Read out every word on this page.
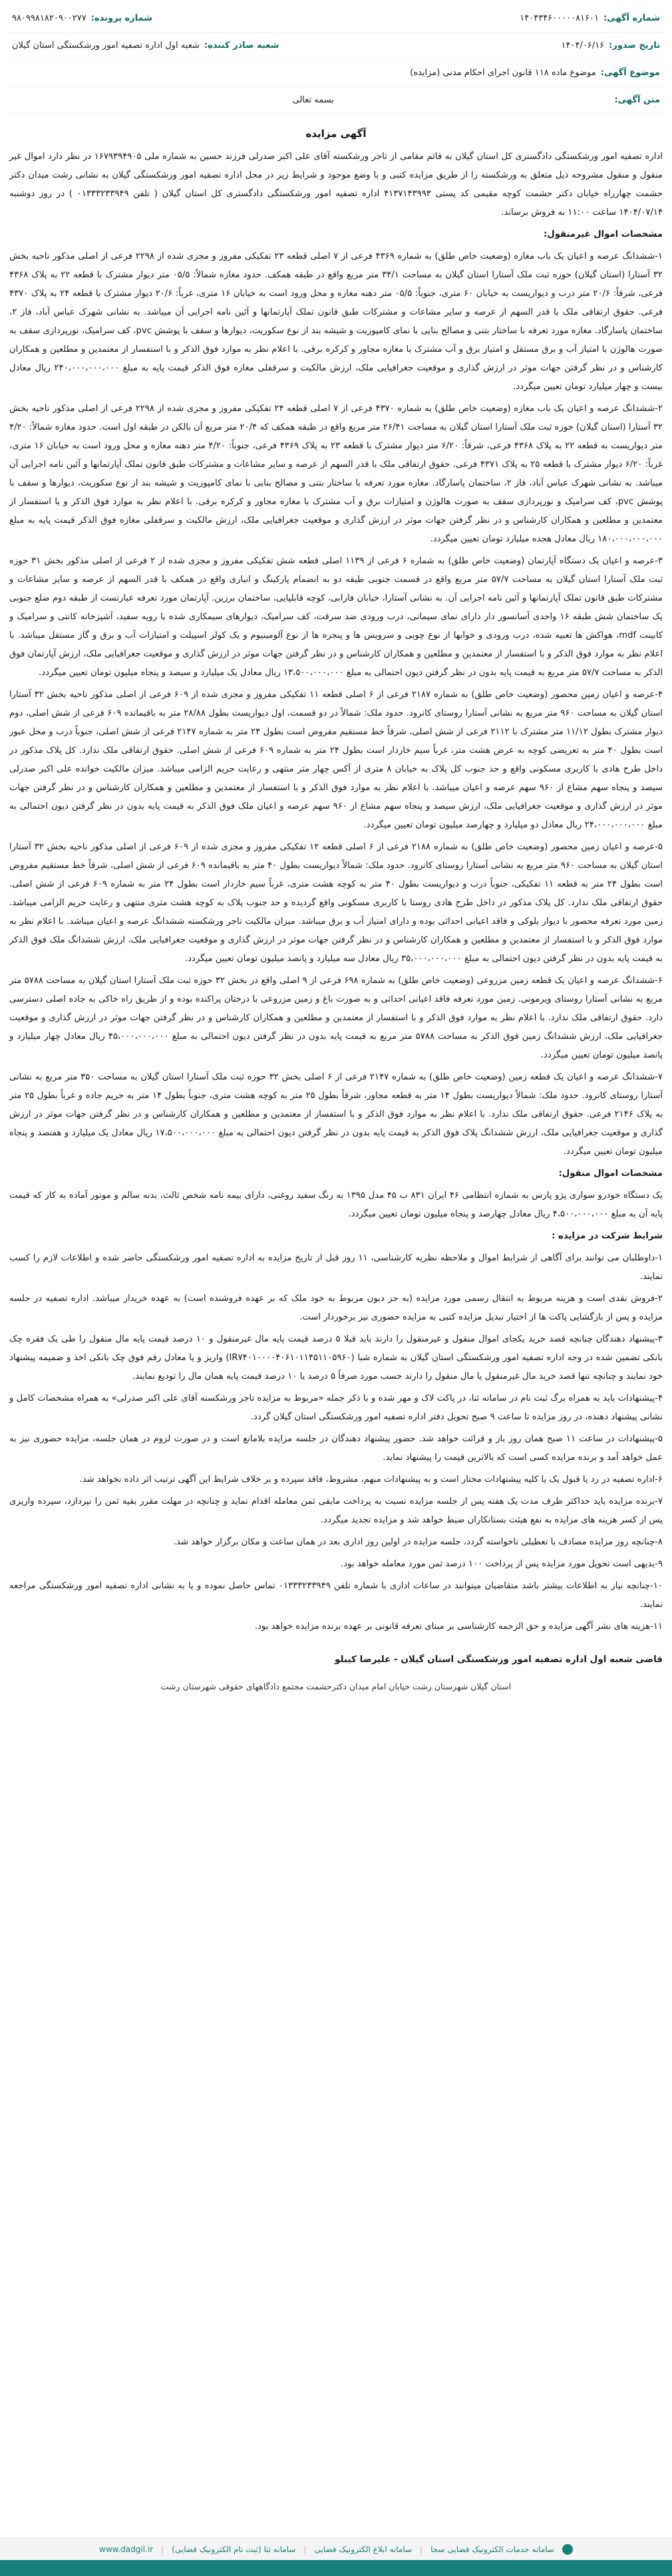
شماره آگهی:
۱۴۰۴۳۴۶۰۰۰۰۰۸۱۶۰۱
شماره پرونده:
۹۸۰۹۹۸۱۸۲۰۹۰۰۲۷۷
تاریخ صدور:
۱۴۰۴/۰۶/۱۶
شعبه صادر کننده:
شعبه اول اداره تصفیه امور ورشکستگی استان گیلان
موضوع آگهی:
موضوع ماده ۱۱۸ قانون اجرای احکام مدنی (مزایده)
متن آگهی:
بسمه تعالی
آگهی مزایده

اداره تصفیه امور ورشکستگی دادگستری کل استان گیلان به قائم مقامی از تاجر ورشکسته آقای علی اکبر صدرلی فرزند حسین به شماره ملی ۱۶۷۹۳۹۴۹۰۵ در نظر دارد اموال غیر منقول و منقول مشروحه ذیل متعلق به ورشکسته را از طریق مزایده کتبی و با وضع موجود و شرایط زیر در محل اداره تصفیه امور ورشکستگی گیلان به نشانی رشت میدان دکتر حشمت چهارراه خیابان دکتر حشمت کوچه مقیمی کد پستی ۴۱۳۷۱۴۳۹۹۳ اداره تصفیه امور ورشکستگی دادگستری کل استان گیلان ( تلفن ۰۱۳۳۳۲۳۳۹۴۹ ) در روز دوشنبه ۱۴۰۴/۰۷/۱۴ ساعت ۱۱:۰۰ به فروش برساند.

مشخصات اموال غیرمنقول:

۱-ششدانگ عرصه و اعیان یک باب مغازه (وضعیت خاص طلق) به شماره ۴۳۶۹ فرعی از ۷ اصلی قطعه ۲۳ تفکیکی مفروز و مجزی شده از ۲۲۹۸ فرعی از اصلی مذکور ناحیه بخش ۳۲ آستارا (استان گیلان) حوزه ثبت ملک آستارا استان گیلان به مساحت ۳۴/۱ متر مربع واقع در طبقه همکف. حدود مغازه شمالاً: ۰۵/۵ متر دیوار مشترک با قطعه ۲۲ به پلاک ۴۳۶۸ فرعی، شرقاً: ۲۰/۶ متر درب و دیواریست به خیابان ۶۰ متری، جنوباً: ۰۵/۵ متر دهنه مغازه و محل ورود است به خیابان ۱۶ متری، غرباً: ۲۰/۶ دیوار مشترک با قطعه ۲۴ به پلاک ۴۳۷۰ فرعی. حقوق ارتفاقی ملک با قدر السهم از عرصه و سایر مشاعات و مشترکات طبق قانون تملک آپارتمانها و آئین نامه اجرایی آن میباشد. به نشانی شهرک عباس آباد، فاز ۲، ساختمان پاسارگاد. مغازه مورد تعرفه با ساختار بتنی و مصالح بنایی با نمای کامپوزیت و شیشه بند از نوع سکوریت، دیوارها و سقف با پوشش pvc، کف سرامیک، نورپردازی سقف به صورت هالوژن با امتیاز آب و برق مستقل و امتیاز برق و آب مشترک با مغازه مجاور و کرکره برقی. با اعلام نظر به موارد فوق الذکر و با استفسار از معتمدین و مطلعین و همکاران کارشناس و در نظر گرفتن جهات موثر در ارزش گذاری و موقعیت جغرافیایی ملک، ارزش مالکیت و سرقفلی مغازه فوق الذکر قیمت پایه به مبلغ ۲۴۰،۰۰۰،۰۰۰،۰۰۰ ریال معادل بیست و چهار میلیارد تومان تعیین میگردد.

۲-ششدانگ عرصه و اعیان یک باب مغازه (وضعیت خاص طلق) به شماره ۴۳۷۰ فرعی از ۷ اصلی قطعه ۲۴ تفکیکی مفروز و مجزی شده از ۲۲۹۸ فرعی از اصلی مذکور ناحیه بخش ۳۲ آستارا (استان گیلان) حوزه ثبت ملک آستارا استان گیلان به مساحت ۲۶/۴۱ متر مربع واقع در طبقه همکف که ۲۰/۴ متر مربع آن بالکن در طبقه اول است. حدود مغازه شمالاً: ۴/۲۰ متر دیواریست به قطعه ۲۲ به پلاک ۴۳۶۸ فرعی، شرقاً: ۶/۲۰ متر دیوار مشترک با قطعه ۲۳ به پلاک ۴۳۶۹ فرعی، جنوباً: ۴/۲۰ متر دهنه مغازه و محل ورود است به خیابان ۱۶ متری، غرباً: ۶/۲۰ دیوار مشترک با قطعه ۲۵ به پلاک ۴۳۷۱ فرعی. حقوق ارتفاقی ملک با قدر السهم از عرصه و سایر مشاعات و مشترکات طبق قانون تملک آپارتمانها و آئین نامه اجرایی آن میباشد. به نشانی شهرک عباس آباد، فاز ۲، ساختمان پاسارگاد. مغازه مورد تعرفه با ساختار بتنی و مصالح بنایی با نمای کامپوزیت و شیشه بند از نوع سکوریت، دیوارها و سقف با پوشش pvc، کف سرامیک و نورپردازی سقف به صورت هالوژن و امتیازات برق و آب مشترک با مغازه مجاور و کرکره برقی. با اعلام نظر به موارد فوق الذکر و با استفسار از معتمدین و مطلعین و همکاران کارشناس و در نظر گرفتن جهات موثر در ارزش گذاری و موقعیت جغرافیایی ملک، ارزش مالکیت و سرقفلی مغازه فوق الذکر قیمت پایه به مبلغ ۱۸۰،۰۰۰،۰۰۰،۰۰۰ ریال معادل هجده میلیارد تومان تعیین میگردد.

۳-عرصه و اعیان یک دستگاه آپارتمان (وضعیت خاص طلق) به شماره ۶ فرعی از ۱۱۳۹ اصلی قطعه شش تفکیکی مفروز و مجزی شده از ۲ فرعی از اصلی مذکور بخش ۳۱ حوزه ثبت ملک آستارا استان گیلان به مساحت ۵۷/۷ متر مربع واقع در قسمت جنوبی طبقه دو به انضمام پارکینگ و انباری واقع در همکف با قدر السهم از عرصه و سایر مشاعات و مشترکات طبق قانون تملک آپارتمانها و آئین نامه اجرایی آن. به نشانی آستارا، خیابان فارابی، کوچه قابلپایی، ساختمان برزین. آپارتمان مورد تعرفه عبارتست از طبقه دوم ضلع جنوبی یک ساختمان شش طبقه ۱۶ واحدی آسانسور دار دارای نمای سیمانی، درب ورودی ضد سرقت، کف سرامیک، دیوارهای سیمکاری شده با رویه سفید، آشپزخانه کانتی و سرامیک و کابینت mdf، هواکش ها تعبیه شده، درب ورودی و خوابها از نوع چوبی و سرویس ها و پنجره ها از نوع آلومینیوم و یک کولر اسپیلت و امتیازات آب و برق و گاز مستقل میباشد. با اعلام نظر به موارد فوق الذکر و با استفسار از معتمدین و مطلعین و همکاران کارشناس و در نظر گرفتن جهات موثر در ارزش گذاری و موقعیت جغرافیایی ملک، ارزش آپارتمان فوق الذکر به مساحت ۵۷/۷ متر مربع به قیمت پایه بدون در نظر گرفتن دیون احتمالی به مبلغ ۱۳،۵۰۰،۰۰۰،۰۰۰ ریال معادل یک میلیارد و سیصد و پنجاه میلیون تومان تعیین میگردد.

۴-عرصه و اعیان زمین محصور (وضعیت خاص طلق) به شماره ۲۱۸۷ فرعی از ۶ اصلی قطعه ۱۱ تفکیکی مفروز و مجزی شده از ۶۰۹ فرعی از اصلی مذکور ناحیه بخش ۳۲ آستارا استان گیلان به مساحت ۹۶۰ متر مربع به نشانی آستارا روستای کانرود. حدود ملک: شمالاً در دو قسمت، اول دیواریست بطول ۲۸/۸۸ متر به باقیمانده ۶۰۹ فرعی از شش اصلی، دوم دیوار مشترک بطول ۱۱/۱۲ متر مشترک با ۲۱۱۲ فرعی از شش اصلی، شرقاً خط مستقیم مفروض است بطول ۲۴ متر به شماره ۲۱۴۷ فرعی از شش اصلی، جنوباً درب و محل عبور است بطول ۴۰ متر به تعریضی کوچه به عرض هشت متر، غرباً سیم خاردار است بطول ۲۴ متر به شماره ۶۰۹ فرعی از شش اصلی. حقوق ارتفاقی ملک ندارد. کل پلاک مذکور در داخل طرح هادی با کاربری مسکونی واقع و حد جنوب کل پلاک به خیابان ۸ متری از آکس چهار متر منتهی و رعایت حریم الزامی میباشد. میزان مالکیت خوانده علی اکبر صدرلی سیصد و پنجاه سهم مشاع از ۹۶۰ سهم عرصه و اعیان میباشد. با اعلام نظر به موارد فوق الذکر و با استفسار از معتمدین و مطلعین و همکاران کارشناس و در نظر گرفتن جهات موثر در ارزش گذاری و موقعیت جغرافیایی ملک، ارزش سیصد و پنجاه سهم مشاع از ۹۶۰ سهم عرصه و اعیان ملک فوق الذکر به قیمت پایه بدون در نظر گرفتن دیون احتمالی به مبلغ ۲۴،۰۰۰،۰۰۰،۰۰۰ ریال معادل دو میلیارد و چهارصد میلیون تومان تعیین میگردد.

۵-عرصه و اعیان زمین محصور (وضعیت خاص طلق) به شماره ۲۱۸۸ فرعی از ۶ اصلی قطعه ۱۲ تفکیکی مفروز و مجزی شده از ۶۰۹ فرعی از اصلی مذکور ناحیه بخش ۳۲ آستارا استان گیلان به مساحت ۹۶۰ متر مربع به نشانی آستارا روستای کانرود. حدود ملک: شمالاً دیواریست بطول ۴۰ متر به باقیمانده ۶۰۹ فرعی از شش اصلی، شرقاً خط مستقیم مفروض است بطول ۲۴ متر به قطعه ۱۱ تفکیکی، جنوباً درب و دیواریست بطول ۴۰ متر به کوچه هشت متری، غرباً سیم خاردار است بطول ۲۴ متر به شماره ۶۰۹ فرعی از شش اصلی. حقوق ارتفاقی ملک ندارد. کل پلاک مذکور در داخل طرح هادی روستا با کاربری مسکونی واقع گردیده و حد جنوب پلاک به کوچه هشت متری منتهی و رعایت حریم الزامی میباشد. زمین مورد تعرفه محصور با دیوار بلوکی و فاقد اعیانی احداثی بوده و دارای امتیاز آب و برق میباشد. میزان مالکیت تاجر ورشکسته ششدانگ عرصه و اعیان میباشد. با اعلام نظر به موارد فوق الذکر و با استفسار از معتمدین و مطلعین و همکاران کارشناس و در نظر گرفتن جهات موثر در ارزش گذاری و موقعیت جغرافیایی ملک، ارزش ششدانگ ملک فوق الذکر به قیمت پایه بدون در نظر گرفتن دیون احتمالی به مبلغ ۳۵،۰۰۰،۰۰۰،۰۰۰ ریال معادل سه میلیارد و پانصد میلیون تومان تعیین میگردد.

۶-ششدانگ عرصه و اعیان یک قطعه زمین مزروعی (وضعیت خاص طلق) به شماره ۶۹۸ فرعی از ۹ اصلی واقع در بخش ۳۲ حوزه ثبت ملک آستارا استان گیلان به مساحت ۵۷۸۸ متر مربع به نشانی آستارا روستای ویرمونی. زمین مورد تعرفه فاقد اعیانی احداثی و به صورت باغ و زمین مزروعی با درختان پراکنده بوده و از طریق راه خاکی به جاده اصلی دسترسی دارد. حقوق ارتفاقی ملک ندارد. با اعلام نظر به موارد فوق الذکر و با استفسار از معتمدین و مطلعین و همکاران کارشناس و در نظر گرفتن جهات موثر در ارزش گذاری و موقعیت جغرافیایی ملک، ارزش ششدانگ زمین فوق الذکر به مساحت ۵۷۸۸ متر مربع به قیمت پایه بدون در نظر گرفتن دیون احتمالی به مبلغ ۴۵،۰۰۰،۰۰۰،۰۰۰ ریال معادل چهار میلیارد و پانصد میلیون تومان تعیین میگردد.

۷-ششدانگ عرصه و اعیان یک قطعه زمین (وضعیت خاص طلق) به شماره ۲۱۴۷ فرعی از ۶ اصلی بخش ۳۲ حوزه ثبت ملک آستارا استان گیلان به مساحت ۳۵۰ متر مربع به نشانی آستارا روستای کانرود. حدود ملک: شمالاً دیواریست بطول ۱۴ متر به قطعه مجاور، شرقاً بطول ۲۵ متر به کوچه هشت متری، جنوباً بطول ۱۴ متر به حریم جاده و غرباً بطول ۲۵ متر به پلاک ۲۱۴۶ فرعی. حقوق ارتفاقی ملک ندارد. با اعلام نظر به موارد فوق الذکر و با استفسار از معتمدین و مطلعین و همکاران کارشناس و در نظر گرفتن جهات موثر در ارزش گذاری و موقعیت جغرافیایی ملک، ارزش ششدانگ پلاک فوق الذکر به قیمت پایه بدون در نظر گرفتن دیون احتمالی به مبلغ ۱۷،۵۰۰،۰۰۰،۰۰۰ ریال معادل یک میلیارد و هفتصد و پنجاه میلیون تومان تعیین میگردد.

مشخصات اموال منقول:

یک دستگاه خودرو سواری پژو پارس به شماره انتظامی ۴۶ ایران ۸۳۱ ب ۴۵ مدل ۱۳۹۵ به رنگ سفید روغنی، دارای بیمه نامه شخص ثالث، بدنه سالم و موتور آماده به کار که قیمت پایه آن به مبلغ ۴،۵۰۰،۰۰۰،۰۰۰ ریال معادل چهارصد و پنجاه میلیون تومان تعیین میگردد.

شرایط شرکت در مزایده :

۱-داوطلبان می توانند برای آگاهی از شرایط اموال و ملاحظه نظریه کارشناسی، ۱۱ روز قبل از تاریخ مزایده به اداره تصفیه امور ورشکستگی حاضر شده و اطلاعات لازم را کسب نمایند.

۲-فروش نقدی است و هزینه مربوط به انتقال رسمی مورد مزایده (به جز دیون مربوط به خود ملک که بر عهده فروشنده است) به عهده خریدار میباشد. اداره تصفیه در جلسه مزایده و پس از بازگشایی پاکت ها از اختیار تبدیل مزایده کتبی به مزایده حضوری نیز برخوردار است.

۳-پیشنهاد دهندگان چنانچه قصد خرید یکجای اموال منقول و غیرمنقول را دارند باید قبلا ۵ درصد قیمت پایه مال غیرمنقول و ۱۰ درصد قیمت پایه مال منقول را طی یک فقره چک بانکی تضمین شده در وجه اداره تصفیه امور ورشکستگی استان گیلان به شماره شبا (IR۷۴۰۱۰۰۰۰۴۰۶۱۰۱۱۴۵۱۱۰۵۹۶۰) واریز و یا معادل رقم فوق چک بانکی اخذ و ضمیمه پیشنهاد خود نمایند و چنانچه تنها قصد خرید مال غیرمنقول یا مال منقول را دارند حسب مورد صرفاً ۵ درصد یا ۱۰ درصد قیمت پایه همان مال را تودیع نمایند.

۴-پیشنهادات باید به همراه برگ ثبت نام در سامانه ثنا، در پاکت لاک و مهر شده و با ذکر جمله «مربوط به مزایده تاجر ورشکسته آقای علی اکبر صدرلی» به همراه مشخصات کامل و نشانی پیشنهاد دهنده، در روز مزایده تا ساعت ۹ صبح تحویل دفتر اداره تصفیه امور ورشکستگی استان گیلان گردد.

۵-پیشنهادات در ساعت ۱۱ صبح همان روز باز و قرائت خواهد شد. حضور پیشنهاد دهندگان در جلسه مزایده بلامانع است و در صورت لزوم در همان جلسه، مزایده حضوری نیز به عمل خواهد آمد و برنده مزایده کسی است که بالاترین قیمت را پیشنهاد نماید.

۶-اداره تصفیه در رد یا قبول یک یا کلیه پیشنهادات مختار است و به پیشنهادات مبهم، مشروط، فاقد سپرده و بر خلاف شرایط این آگهی ترتیب اثر داده نخواهد شد.

۷-برنده مزایده باید حداکثر ظرف مدت یک هفته پس از جلسه مزایده نسبت به پرداخت مابقی ثمن معامله اقدام نماید و چنانچه در مهلت مقرر بقیه ثمن را نپردازد، سپرده واریزی پس از کسر هزینه های مزایده به نفع هیئت بستانکاران ضبط خواهد شد و مزایده تجدید میگردد.

۸-چنانچه روز مزایده مصادف با تعطیلی ناخواسته گردد، جلسه مزایده در اولین روز اداری بعد در همان ساعت و مکان برگزار خواهد شد.

۹-بدیهی است تحویل مورد مزایده پس از پرداخت ۱۰۰ درصد ثمن مورد معامله خواهد بود.

۱۰-چنانچه نیاز به اطلاعات بیشتر باشد متقاضیان میتوانند در ساعات اداری با شماره تلفن ۰۱۳۳۳۲۳۳۹۴۹ تماس حاصل نموده و یا به نشانی اداره تصفیه امور ورشکستگی مراجعه نمایند.

۱۱-هزینه های نشر آگهی مزایده و حق الزحمه کارشناسی بر مبنای تعرفه قانونی بر عهده برنده مزایده خواهد بود.

قاضی شعبه اول اداره تصفیه امور ورشکستگی استان گیلان - علیرضا کیبلو

استان گیلان شهرستان رشت خیابان امام میدان دکترحشمت مجتمع دادگاههای حقوقی شهرستان رشت

سامانه خدمات الکترونیک قضایی سجا
|
سامانه ابلاغ الکترونیک قضایی
|
سامانه ثنا (ثبت نام الکترونیک قضایی)
|
www.dadgil.ir
